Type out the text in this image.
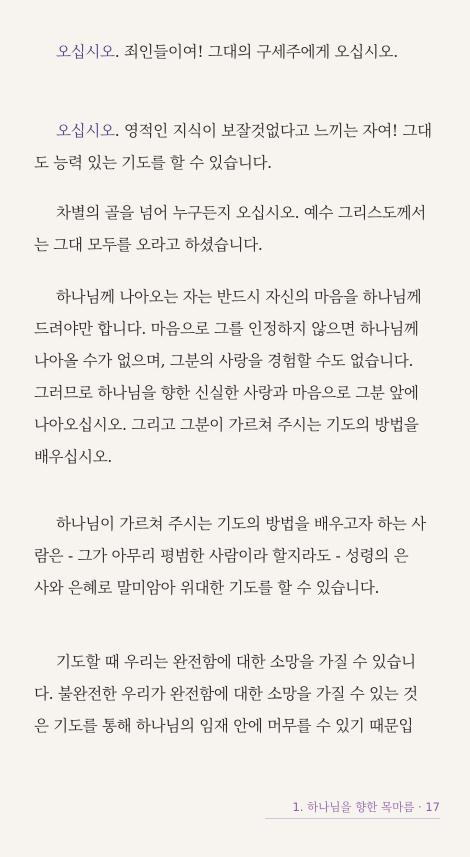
오십시오. 죄인들이여! 그대의 구세주에게 오십시오.

오십시오. 영적인 지식이 보잘것없다고 느끼는 자여! 그대
도 능력 있는 기도를 할 수 있습니다.

차별의 골을 넘어 누구든지 오십시오. 예수 그리스도께서
는 그대 모두를 오라고 하셨습니다.

하나님께 나아오는 자는 반드시 자신의 마음을 하나님께
드려야만 합니다. 마음으로 그를 인정하지 않으면 하나님께
나아올 수가 없으며, 그분의 사랑을 경험할 수도 없습니다.
그러므로 하나님을 향한 신실한 사랑과 마음으로 그분 앞에
나아오십시오. 그리고 그분이 가르쳐 주시는 기도의 방법을
배우십시오.

하나님이 가르쳐 주시는 기도의 방법을 배우고자 하는 사
람은 - 그가 아무리 평범한 사람이라 할지라도 - 성령의 은
사와 은혜로 말미암아 위대한 기도를 할 수 있습니다.

기도할 때 우리는 완전함에 대한 소망을 가질 수 있습니
다. 불완전한 우리가 완전함에 대한 소망을 가질 수 있는 것
은 기도를 통해 하나님의 임재 안에 머무를 수 있기 때문입

1. 하나님을 향한 목마름 · 17
